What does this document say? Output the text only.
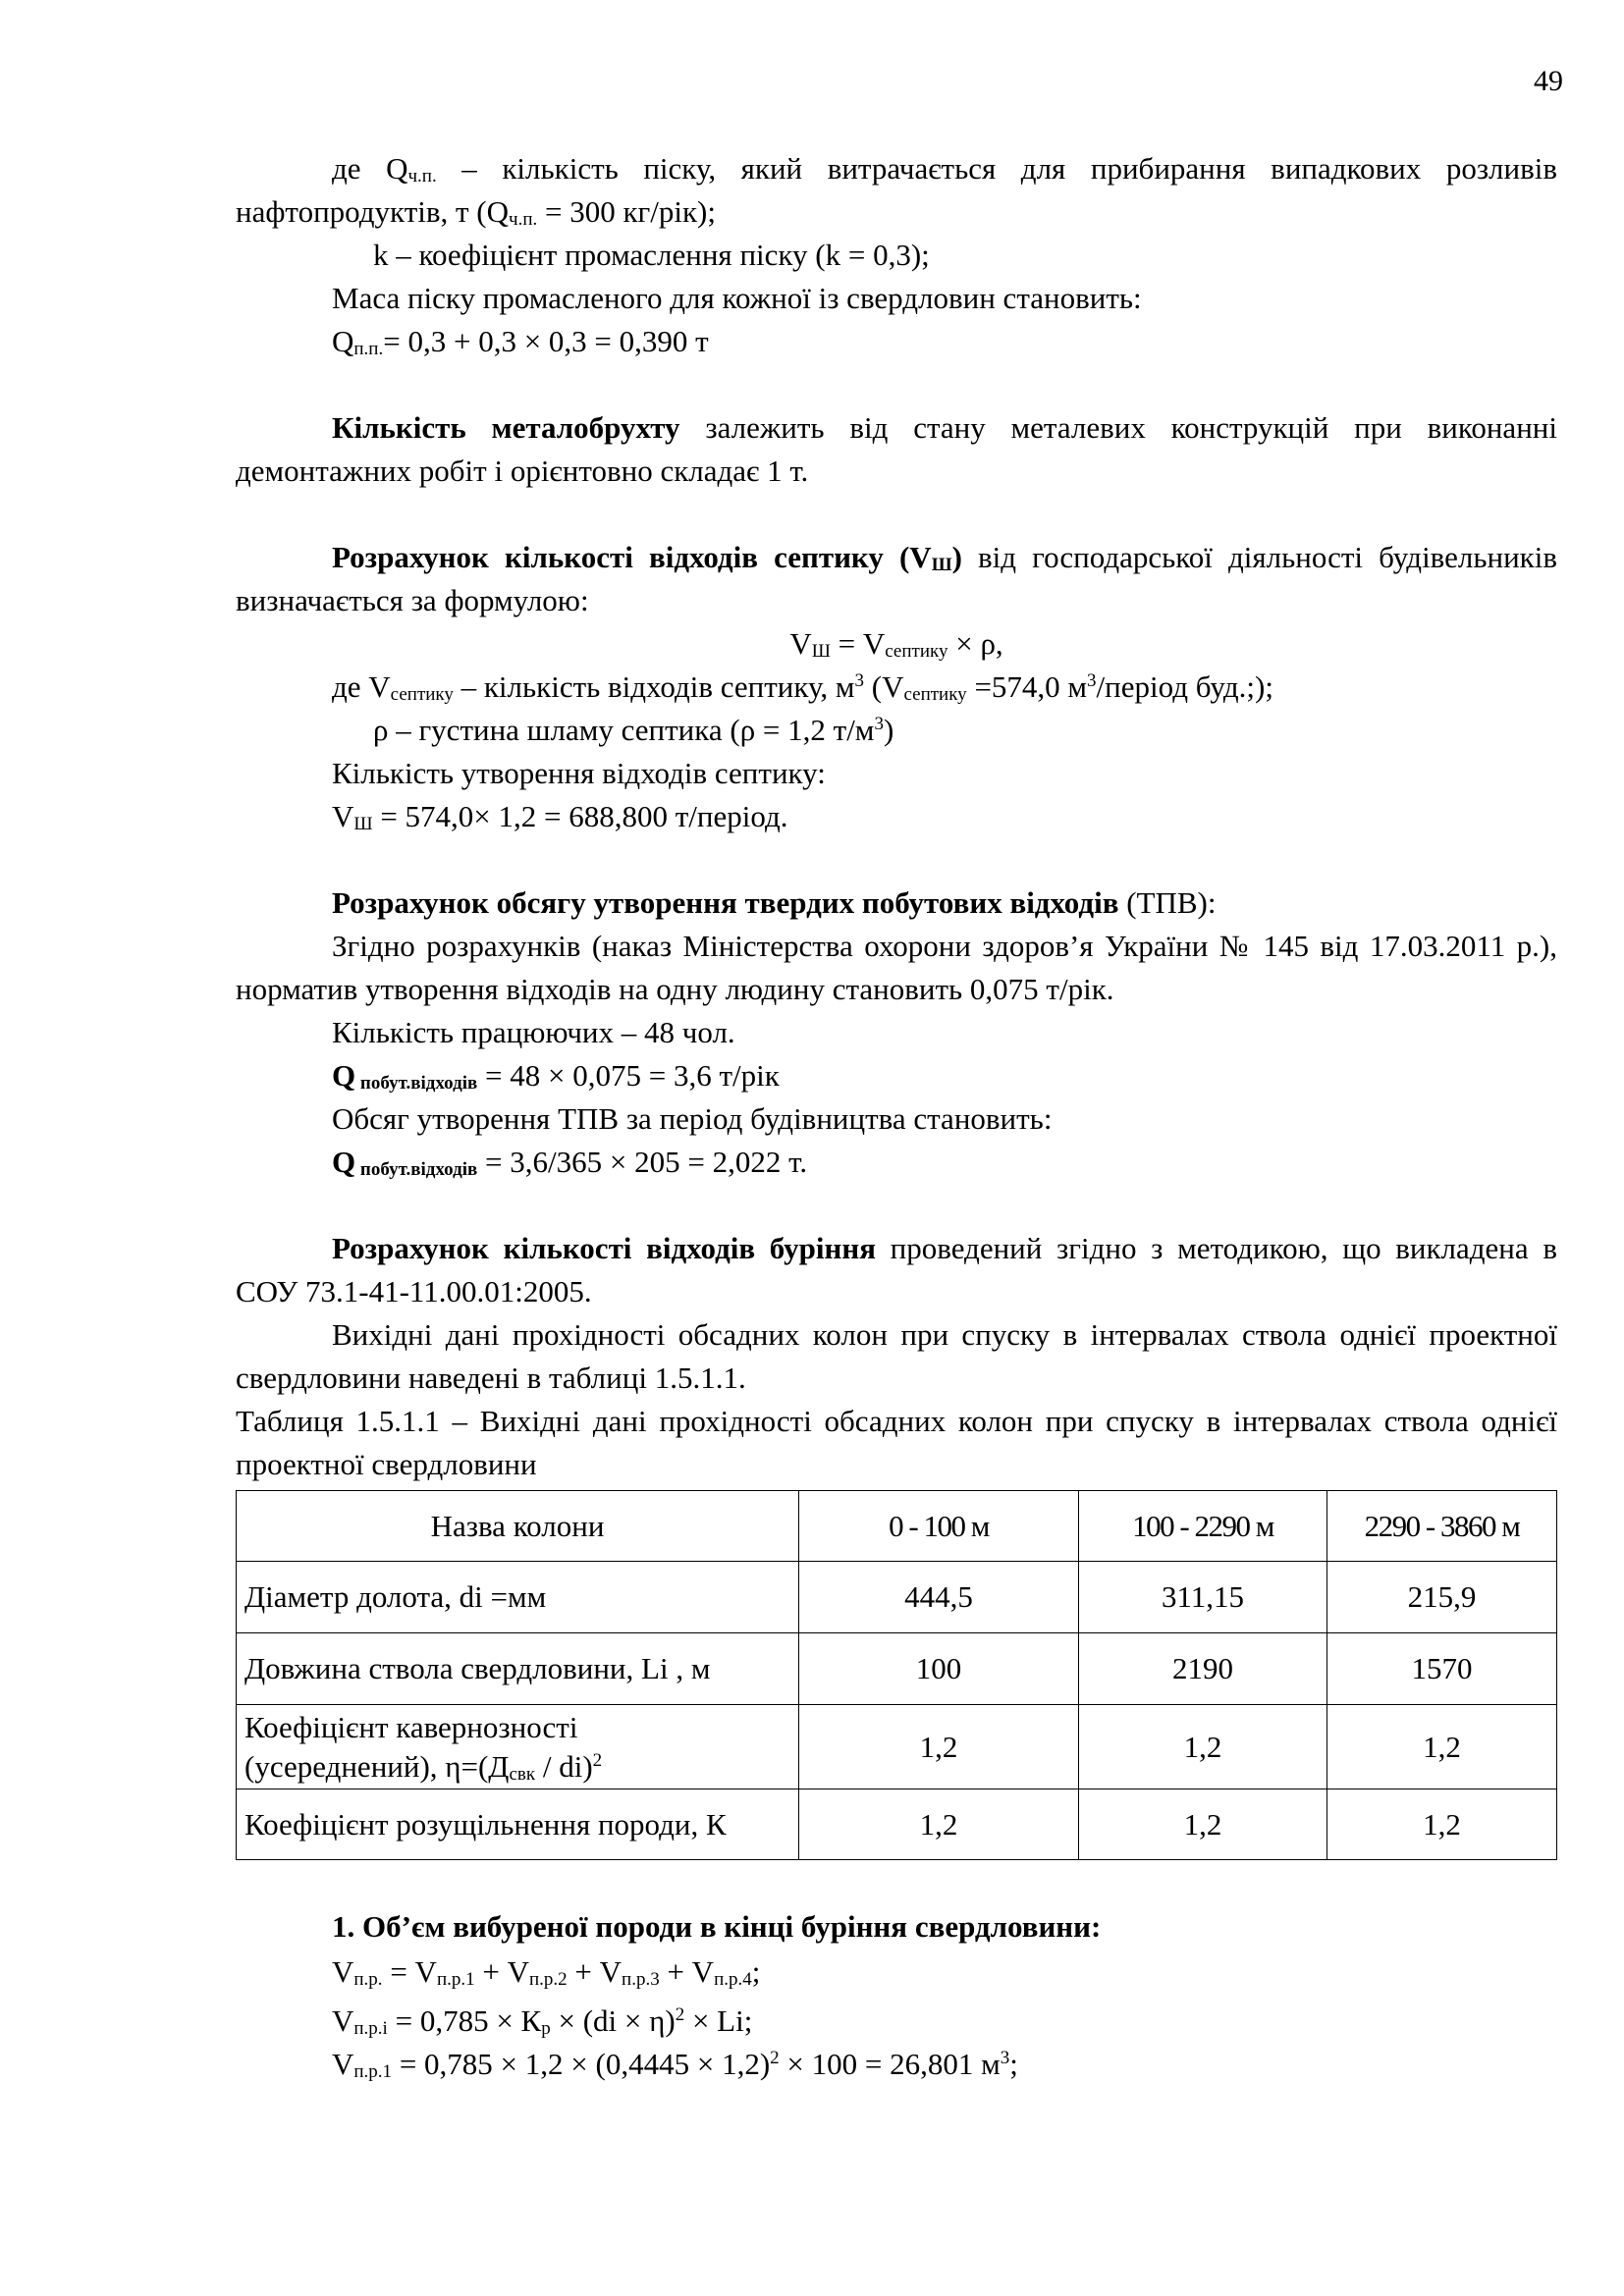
49

де $Q_{ч.п.}$ – кількість піску, який витрачається для прибирання випадкових розливів нафтопродуктів, т ($Q_{ч.п.} = 300$ кг/рік);

k – коефіцієнт промаслення піску (k = 0,3);

Маса піску промасленого для кожної із свердловин становить:

$Q_{п.п.}= 0,3 + 0,3 \times 0,3 = 0,390$ т

Кількість металобрухту залежить від стану металевих конструкцій при виконанні демонтажних робіт і орієнтовно складає 1 т.

Розрахунок кількості відходів септику $(V_Ш)$ від господарської діяльності будівельників визначається за формулою:

$V_Ш = V_{септику} \times \rho$,

де $V_{септику}$ – кількість відходів септику, $м^3$ ($V_{септику} =574,0$ $м^3$/період буд.;);

ρ – густина шламу септика (ρ = 1,2 $т/м^3$)

Кількість утворення відходів септику:

$V_Ш = 574,0\times 1,2 = 688,800$ т/період.

Розрахунок обсягу утворення твердих побутових відходів (ТПВ):

Згідно розрахунків (наказ Міністерства охорони здоров’я України № 145 від 17.03.2011 р.), норматив утворення відходів на одну людину становить 0,075 т/рік.

Кількість працюючих – 48 чол.

Q $_{побут.відходів}$ = 48 × 0,075 = 3,6 т/рік

Обсяг утворення ТПВ за період будівництва становить:

Q $_{побут.відходів}$ = 3,6/365 × 205 = 2,022 т.

Розрахунок кількості відходів буріння проведений згідно з методикою, що викладена в СОУ 73.1-41-11.00.01:2005.

Вихідні дані прохідності обсадних колон при спуску в інтервалах ствола однієї проектної свердловини наведені в таблиці 1.5.1.1.

Таблиця 1.5.1.1 – Вихідні дані прохідності обсадних колон при спуску в інтервалах ствола однієї проектної свердловини

Назва колони	0 - 100 м	100 - 2290 м	2290 - 3860 м
Діаметр долота, di =мм	444,5	311,15	215,9
Довжина ствола свердловини, Li , м	100	2190	1570
Коефіцієнт кавернозності
(усереднений), $\eta=(Д_{свк} / di)^2$	1,2	1,2	1,2
Коефіцієнт розущільнення породи, К	1,2	1,2	1,2

1. Об’єм вибуреної породи в кінці буріння свердловини:

$V_{п.р.} = V_{п.р.1} + V_{п.р.2} + V_{п.р.3} + V_{п.р.4}$;

$V_{п.р.і} = 0,785 \times К_р \times (di \times \eta)^2 \times Li$;

$V_{п.р.1} = 0,785 \times 1,2 \times (0,4445 \times 1,2)^2 \times 100 = 26,801$ $м^3$;
